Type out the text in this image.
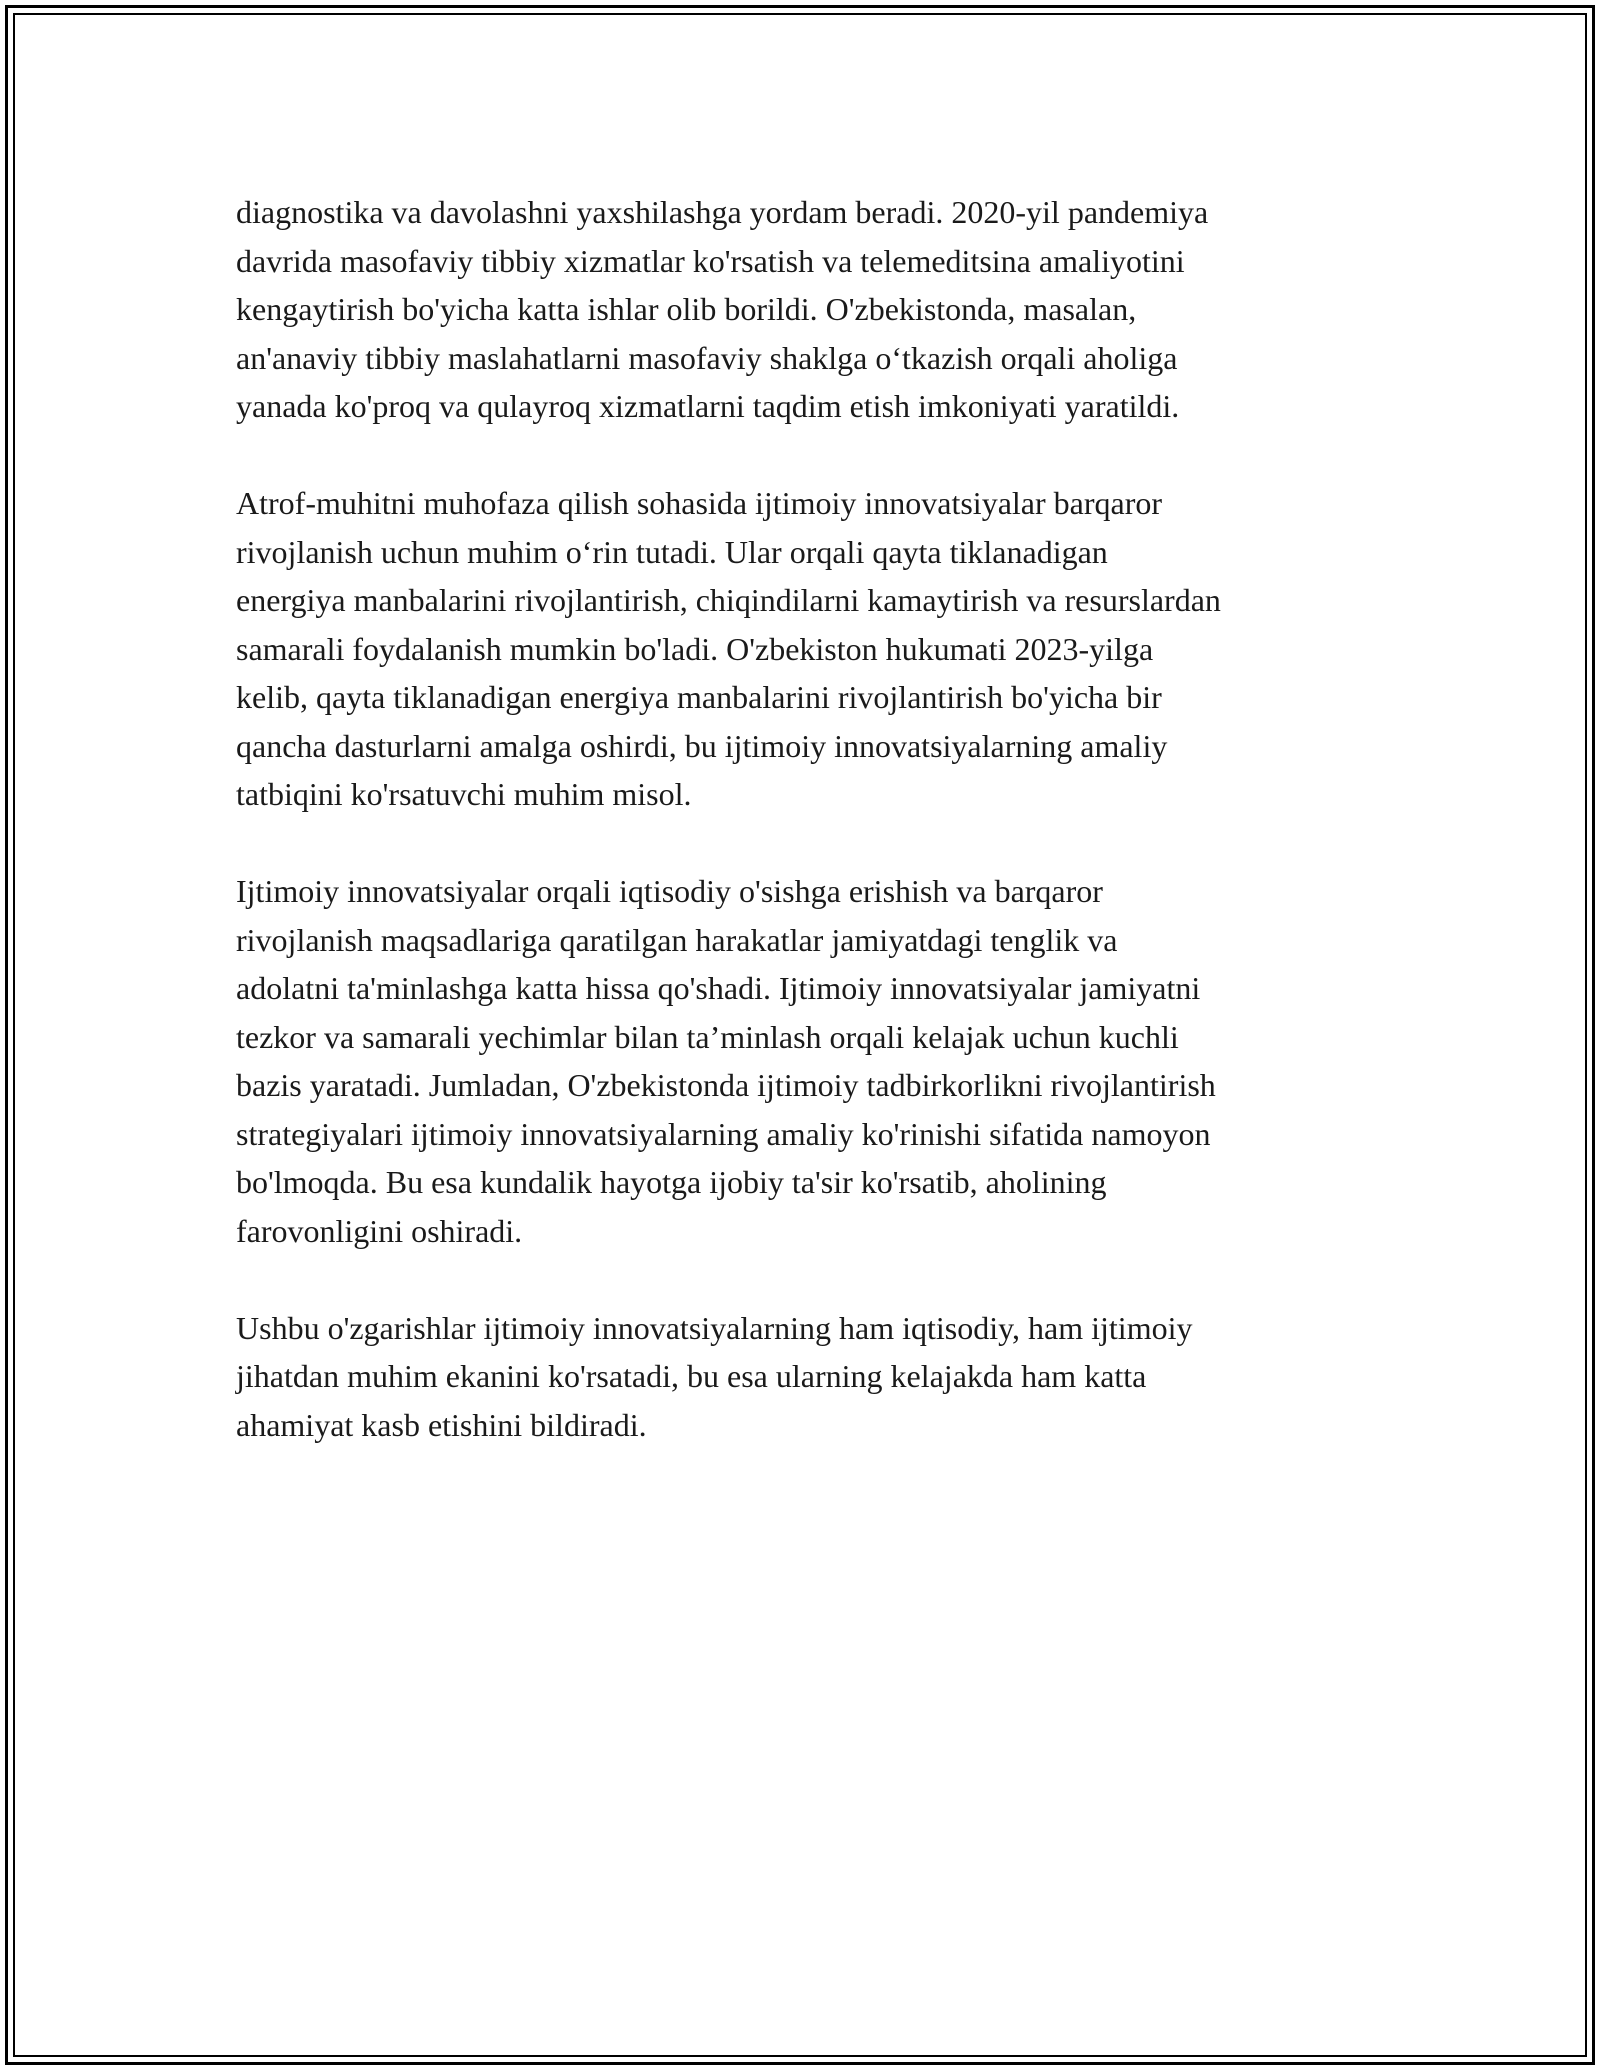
diagnostika va davolashni yaxshilashga yordam beradi. 2020-yil pandemiya
davrida masofaviy tibbiy xizmatlar ko'rsatish va telemeditsina amaliyotini
kengaytirish bo'yicha katta ishlar olib borildi. O'zbekistonda, masalan,
an'anaviy tibbiy maslahatlarni masofaviy shaklga o‘tkazish orqali aholiga
yanada ko'proq va qulayroq xizmatlarni taqdim etish imkoniyati yaratildi.

Atrof-muhitni muhofaza qilish sohasida ijtimoiy innovatsiyalar barqaror
rivojlanish uchun muhim o‘rin tutadi. Ular orqali qayta tiklanadigan
energiya manbalarini rivojlantirish, chiqindilarni kamaytirish va resurslardan
samarali foydalanish mumkin bo'ladi. O'zbekiston hukumati 2023-yilga
kelib, qayta tiklanadigan energiya manbalarini rivojlantirish bo'yicha bir
qancha dasturlarni amalga oshirdi, bu ijtimoiy innovatsiyalarning amaliy
tatbiqini ko'rsatuvchi muhim misol.

Ijtimoiy innovatsiyalar orqali iqtisodiy o'sishga erishish va barqaror
rivojlanish maqsadlariga qaratilgan harakatlar jamiyatdagi tenglik va
adolatni ta'minlashga katta hissa qo'shadi. Ijtimoiy innovatsiyalar jamiyatni
tezkor va samarali yechimlar bilan ta’minlash orqali kelajak uchun kuchli
bazis yaratadi. Jumladan, O'zbekistonda ijtimoiy tadbirkorlikni rivojlantirish
strategiyalari ijtimoiy innovatsiyalarning amaliy ko'rinishi sifatida namoyon
bo'lmoqda. Bu esa kundalik hayotga ijobiy ta'sir ko'rsatib, aholining
farovonligini oshiradi.

Ushbu o'zgarishlar ijtimoiy innovatsiyalarning ham iqtisodiy, ham ijtimoiy
jihatdan muhim ekanini ko'rsatadi, bu esa ularning kelajakda ham katta
ahamiyat kasb etishini bildiradi.
